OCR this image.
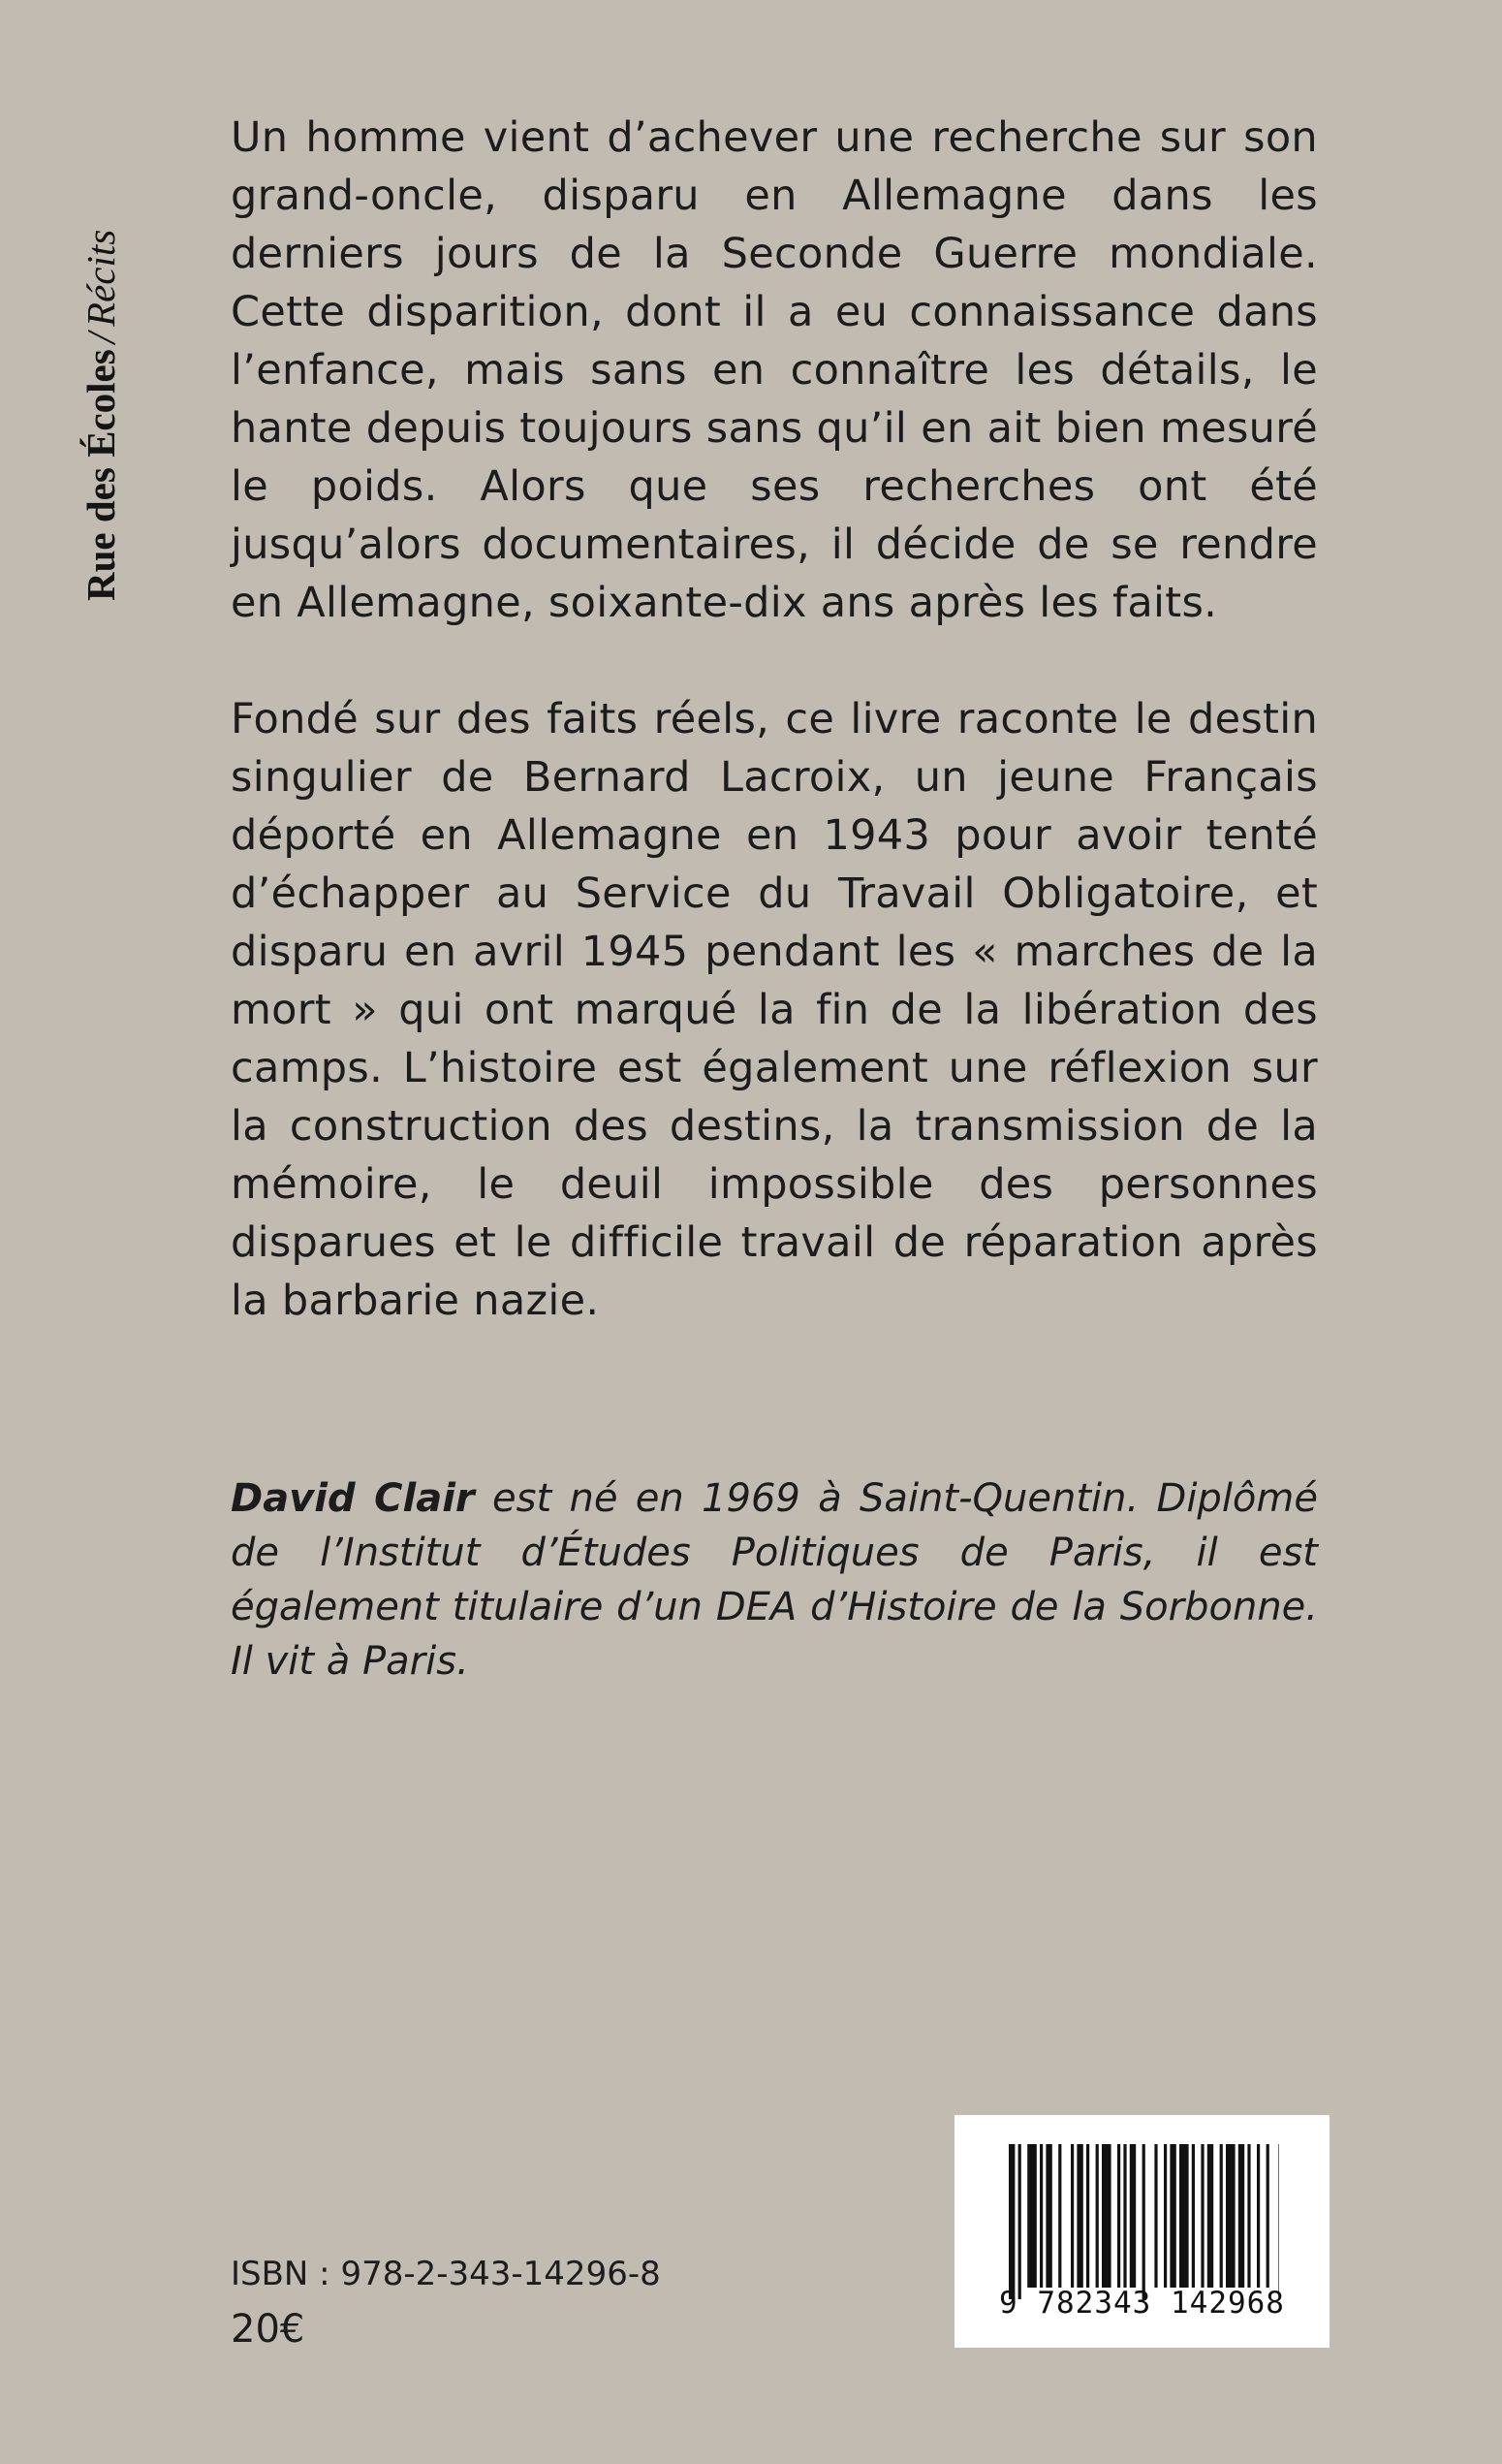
Rue des Écoles/Récits

Un homme vient d’achever une recherche sur son grand-oncle, disparu en Allemagne dans les derniers jours de la Seconde Guerre mondiale. Cette disparition, dont il a eu connaissance dans l’enfance, mais sans en connaître les détails, le hante depuis toujours sans qu’il en ait bien mesuré le poids. Alors que ses recherches ont été jusqu’alors documentaires, il décide de se rendre en Allemagne, soixante-dix ans après les faits.

Fondé sur des faits réels, ce livre raconte le destin singulier de Bernard Lacroix, un jeune Français déporté en Allemagne en 1943 pour avoir tenté d’échapper au Service du Travail Obligatoire, et disparu en avril 1945 pendant les « marches de la mort » qui ont marqué la fin de la libération des camps. L’histoire est également une réflexion sur la construction des destins, la transmission de la mémoire, le deuil impossible des personnes disparues et le difficile travail de réparation après la barbarie nazie.

David Clair est né en 1969 à Saint-Quentin. Diplômé de l’Institut d’Études Politiques de Paris, il est également titulaire d’un DEA d’Histoire de la Sorbonne. Il vit à Paris.
ISBN : 978-2-343-14296-8
20€
9 782343 142968
